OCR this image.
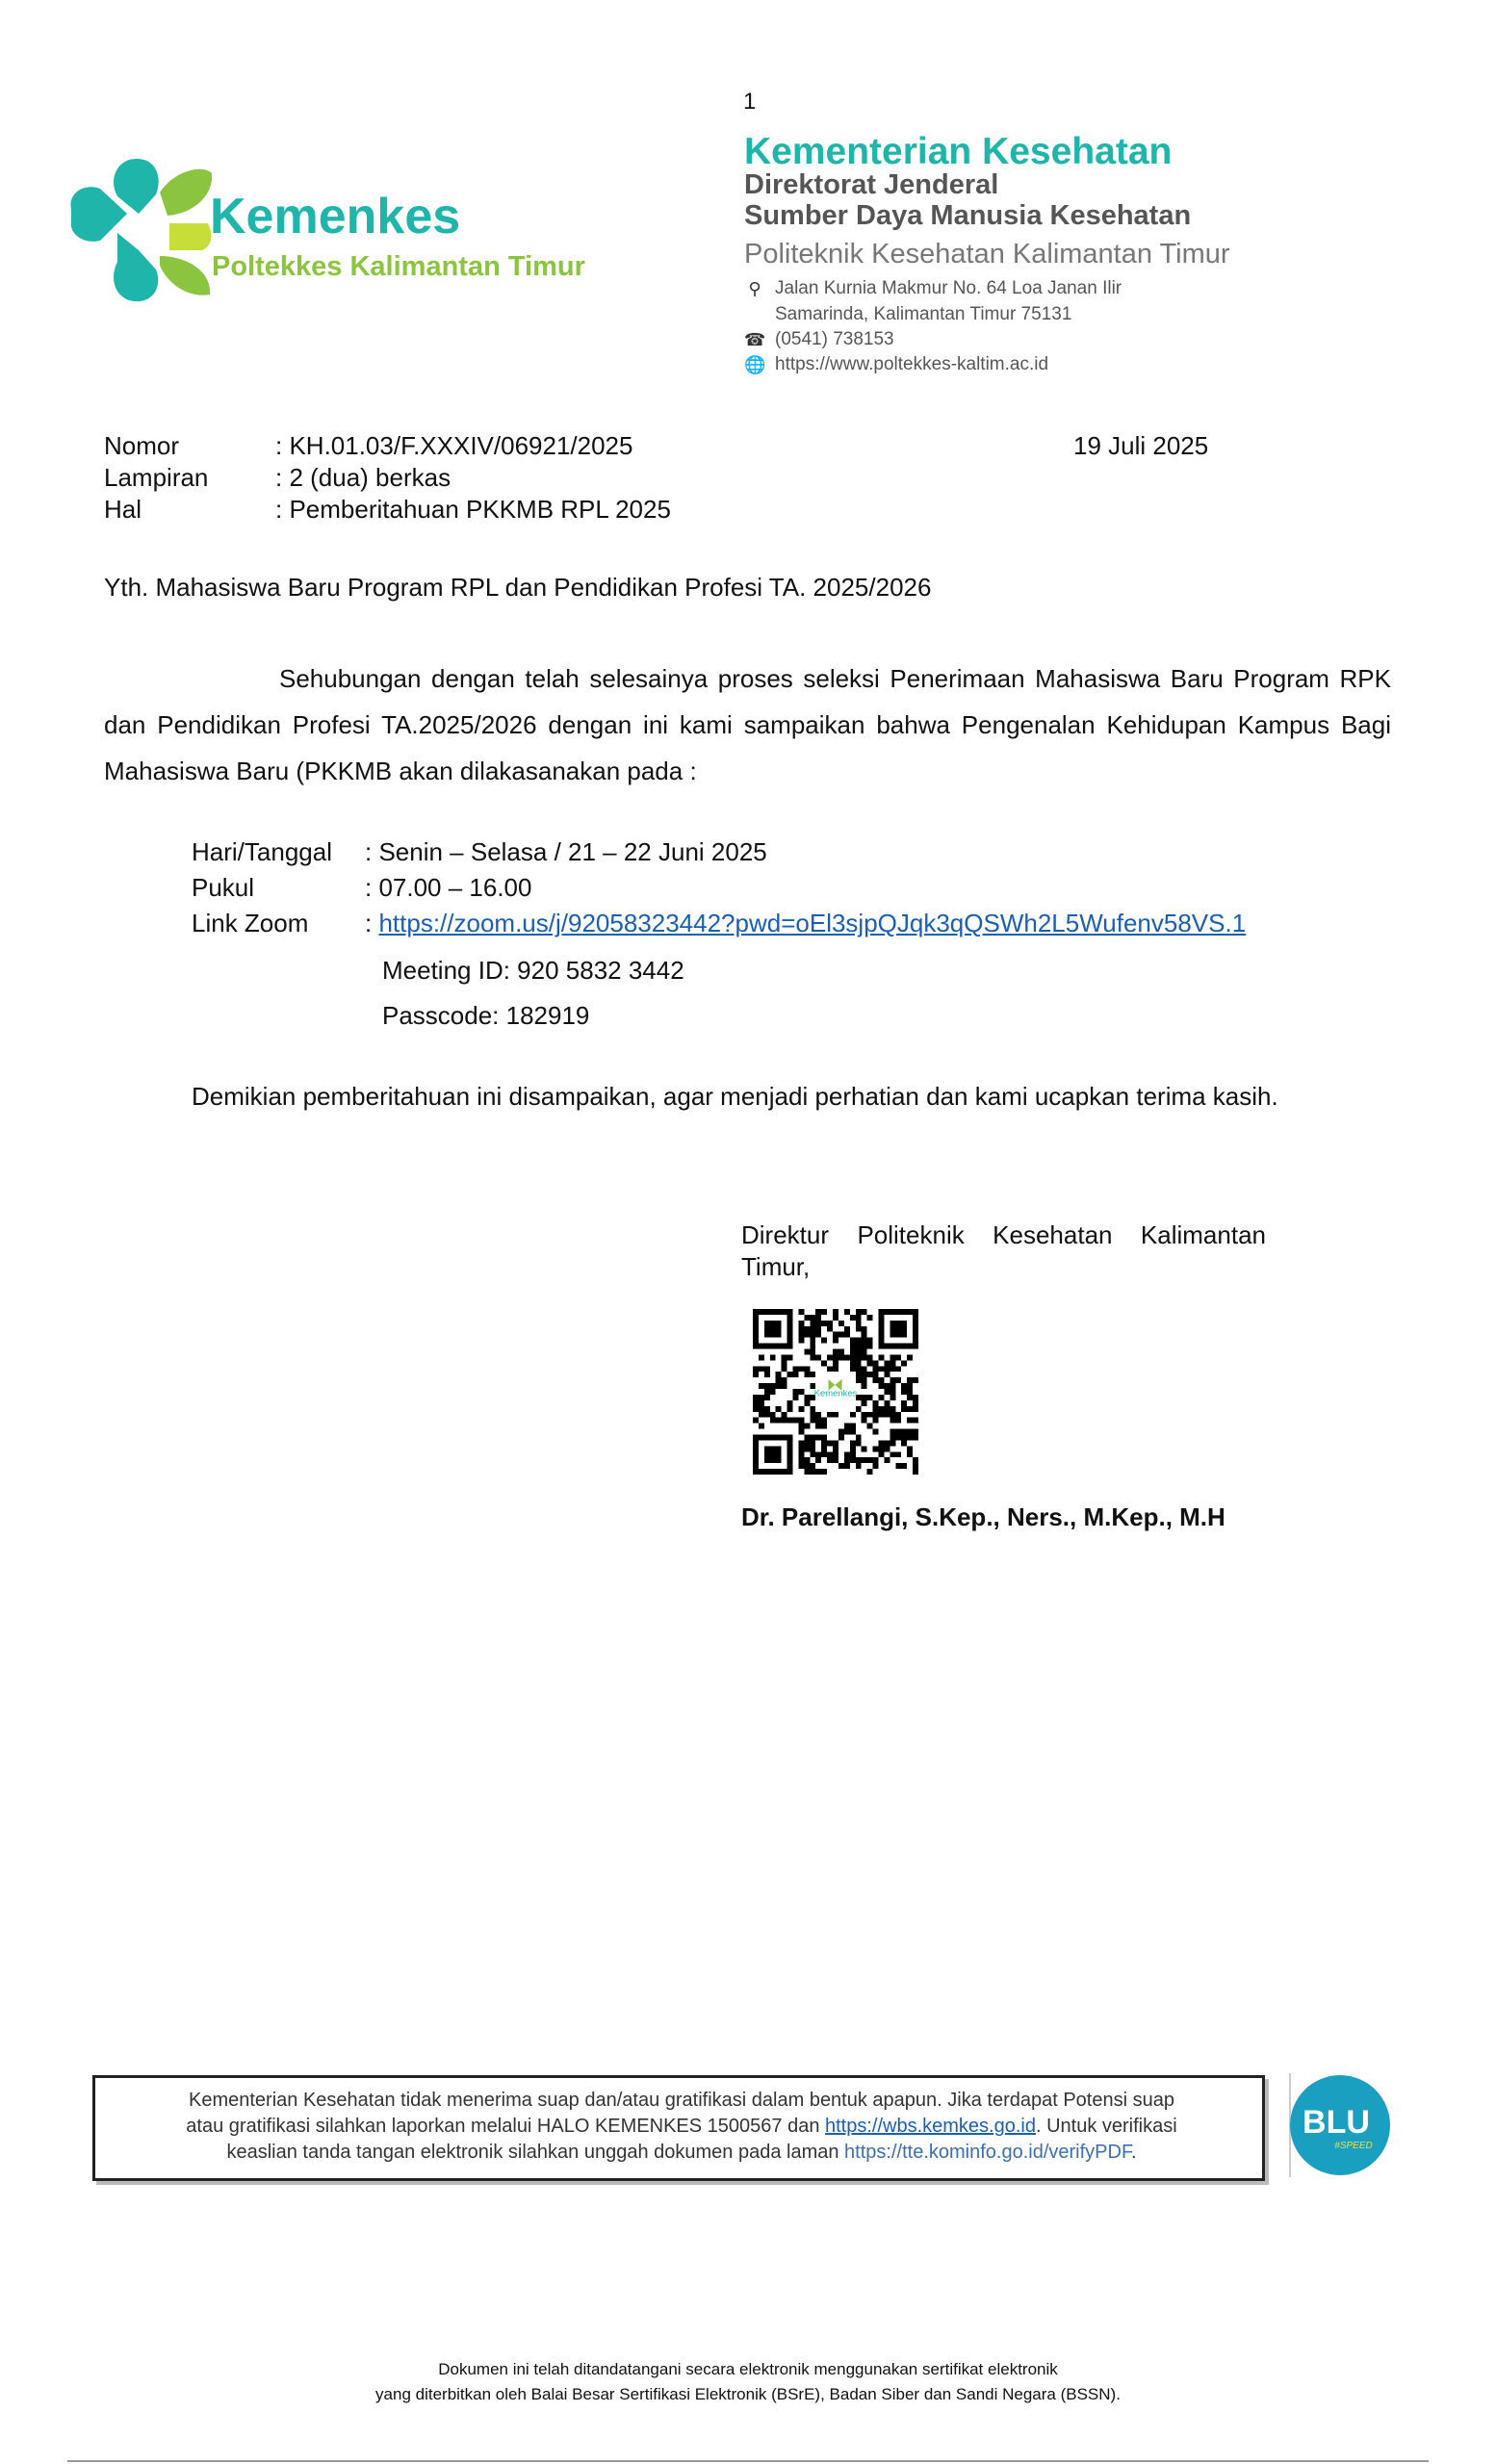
1
Kemenkes
Poltekkes Kalimantan Timur
Kementerian Kesehatan
Direktorat Jenderal
Sumber Daya Manusia Kesehatan
Politeknik Kesehatan Kalimantan Timur
⚲ Jalan Kurnia Makmur No. 64 Loa Janan Ilir
Samarinda, Kalimantan Timur 75131
☎ (0541) 738153
🌐 https://www.poltekkes-kaltim.ac.id
Nomor	: KH.01.03/F.XXXIV/06921/2025	19 Juli 2025
Lampiran	: 2 (dua) berkas
Hal	: Pemberitahuan PKKMB RPL 2025
Yth. Mahasiswa Baru Program RPL dan Pendidikan Profesi TA. 2025/2026
Sehubungan dengan telah selesainya proses seleksi Penerimaan Mahasiswa Baru Program RPK dan Pendidikan Profesi TA.2025/2026 dengan ini kami sampaikan bahwa Pengenalan Kehidupan Kampus Bagi Mahasiswa Baru (PKKMB akan dilakasanakan pada :
Hari/Tanggal : Senin – Selasa / 21 – 22 Juni 2025
Pukul	: 07.00 – 16.00
Link Zoom : https://zoom.us/j/92058323442?pwd=oEl3sjpQJqk3qQSWh2L5Wufenv58VS.1
Meeting ID: 920 5832 3442
Passcode: 182919
Demikian pemberitahuan ini disampaikan, agar menjadi perhatian dan kami ucapkan terima kasih.
Direktur Politeknik Kesehatan Kalimantan Timur,
Kemenkes
Dr. Parellangi, S.Kep., Ners., M.Kep., M.H
Kementerian Kesehatan tidak menerima suap dan/atau gratifikasi dalam bentuk apapun. Jika terdapat Potensi suap
atau gratifikasi silahkan laporkan melalui HALO KEMENKES 1500567 dan https://wbs.kemkes.go.id. Untuk verifikasi
keaslian tanda tangan elektronik silahkan unggah dokumen pada laman https://tte.kominfo.go.id/verifyPDF.
BLU
#SPEED
Dokumen ini telah ditandatangani secara elektronik menggunakan sertifikat elektronik
yang diterbitkan oleh Balai Besar Sertifikasi Elektronik (BSrE), Badan Siber dan Sandi Negara (BSSN).
